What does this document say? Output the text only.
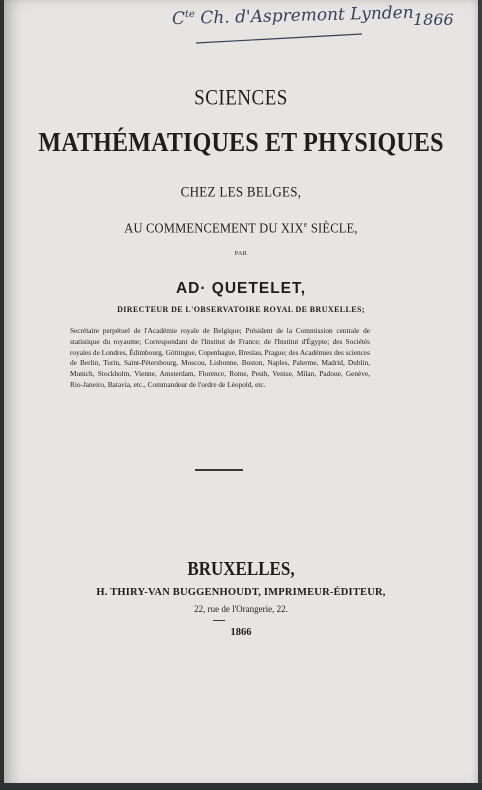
$C^{te}$ Ch. d'Aspremont Lynden 1866
SCIENCES
MATHÉMATIQUES ET PHYSIQUES
CHEZ LES BELGES,
AU COMMENCEMENT DU XIXe SIÈCLE,
PAR
AD· QUETELET,
DIRECTEUR DE L'OBSERVATOIRE ROYAL DE BRUXELLES;
Secrétaire perpétuel de l'Académie royale de Belgique; Président de la Commission centrale de statistique du royaume; Correspondant de l'Institut de France; de l'Institut d'Égypte; des Sociétés royales de Londres, Édimbourg, Göttingue, Copenhague, Breslau, Prague; des Académies des sciences de Berlin, Turin, Saint-Pétersbourg, Moscou, Lisbonne, Boston, Naples, Palerme, Madrid, Dublin, Munich, Stockholm, Vienne, Amsterdam, Florence, Rome, Pesth, Venise, Milan, Padoue, Genève, Rio-Janeiro, Batavia, etc., Commandeur de l'ordre de Léopold, etc.
BRUXELLES,
H. THIRY-VAN BUGGENHOUDT, IMPRIMEUR-ÉDITEUR,
22, rue de l'Orangerie, 22.
1866
